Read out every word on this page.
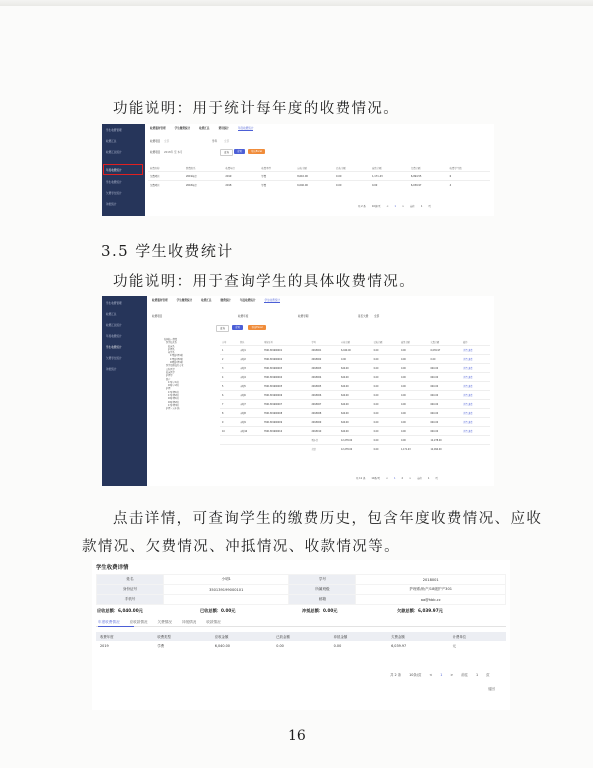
功能说明：用于统计每年度的收费情况。
学生收费管理
收费汇总
收费汇总统计
年度收费统计
学生收费统计
欠费学生统计
冲抵统计
收费服务管理	学生缴费统计	收费汇总	费用统计	年度收费统计
收费项目 全部	学年	全部
收费项目 2018年 至 本月	查询	重置	导出Excel
收费名称	缴费院系	收费年度	收费类型	应收金额	已收金额	减免金额	欠费金额	收费学生数
欠费项目	2019年度	2019	学费	8,610.00	0.00	1,171.43	6,994.55	6
欠费项目	2018年度	2018	学费	6,040.00	0.00	0.00	6,039.97	4
共 2 条	10条/页	<	1	>	前往	1	页
3.5 学生收费统计
功能说明：用于查询学生的具体收费情况。
学生收费管理
收费汇总
收费汇总统计
年度收费统计
学生收费统计
欠费学生统计
冲抵统计
收费服务管理	学生缴费统计	收费汇总	缴费统计	年度收费统计	学生收费统计
收费项目	收费年度	收费学期	是否欠费 全部
查询	重置	导出Excel
校园统一缴费
医学技术系
临床系
护理系
药学系
17级护理1班
17级护理2班
18级护理1班
医学影像技术专业
口腔医学
临床医学
护理学
助产
17护产1班
18护产2班
护理
17护理1班
17护理2班
18护理1班
18护理2班
17护理3班
护理（五年制）
序号	姓名	身份证号	学号	应收金额	已收金额	减免金额	欠费金额	操作
1	小明1	3501391990001	2018001	6,040.00	0.00	0.00	6,039.97	详情 退费
2	小明2	3501391990002	2018002	0.00	0.00	0.00	0.00	详情 退费
3	小明3	3501391990003	2018003	640.00	0.00	0.00	640.00	详情 退费
4	小明4	3501391990004	2018004	640.00	0.00	0.00	640.00	详情 退费
5	小明5	3501391990005	2018005	640.00	0.00	0.00	640.00	详情 退费
6	小明6	3501391990006	2018006	640.00	0.00	0.00	640.00	详情 退费
7	小明7	3501391990007	2018007	640.00	0.00	0.00	640.00	详情 退费
8	小明8	3501391990008	2018008	640.00	0.00	0.00	640.00	详情 退费
9	小明9	3501391990009	2018009	640.00	0.00	0.00	640.00	详情 退费
10	小明10	3501391990010	2018010	640.00	0.00	0.00	640.00	详情 退费
			页小计	12,278.00	0.00	0.00	12,278.00	
			合计	12,278.00	0.00	1,171.43	12,994.00	
共 11 条	10条/页	<	1	2	>	前往	1	页
点击详情，可查询学生的缴费历史，包含年度收费情况、应收
款情况、欠费情况、冲抵情况、收款情况等。
学生收费详情
姓名	小明1	学号	2018001
身份证号	350139199000101	所属班级	护理系/助产/18级护产301
手机号		邮箱	aa@hbb.cc
应收总额：6,040.00元	已收总额：0.00元	冲抵总额：0.00元	欠款总额：6,039.97元
年度收费情况	应收款情况	欠费情况	冲抵情况	收款情况
收费年度	收费类型	应收金额	已收金额	冲抵金额	欠费金额	计费单位
2019	学费	6,040.00	0.00	0.00	6,039.97	元
共 2 条 10条/页 < 1 > 前往 1 页
返回
16
